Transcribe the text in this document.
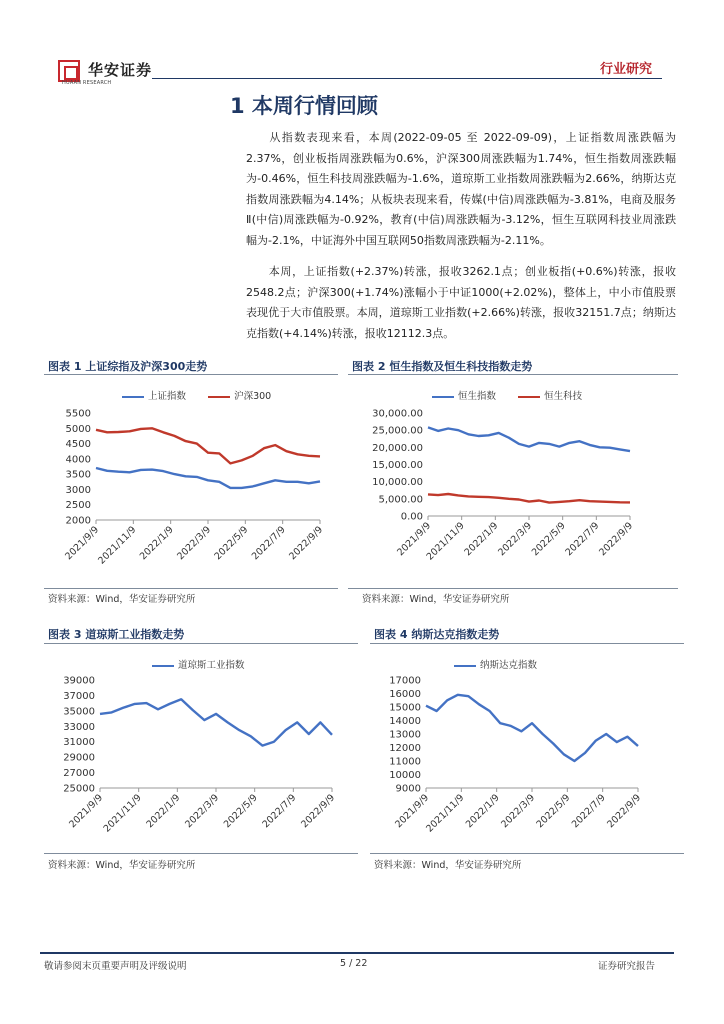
华安证券
HUAAN RESEARCH
行业研究
1 本周行情回顾
从指数表现来看，本周(2022-09-05 至 2022-09-09)，上证指数周涨跌幅为2.37%，创业板指周涨跌幅为0.6%，沪深300周涨跌幅为1.74%，恒生指数周涨跌幅为-0.46%，恒生科技周涨跌幅为-1.6%，道琼斯工业指数周涨跌幅为2.66%，纳斯达克指数周涨跌幅为4.14%；从板块表现来看，传媒(中信)周涨跌幅为-3.81%，电商及服务Ⅱ(中信)周涨跌幅为-0.92%，教育(中信)周涨跌幅为-3.12%，恒生互联网科技业周涨跌幅为-2.1%，中证海外中国互联网50指数周涨跌幅为-2.11%。
本周，上证指数(+2.37%)转涨，报收3262.1点；创业板指(+0.6%)转涨，报收2548.2点；沪深300(+1.74%)涨幅小于中证1000(+2.02%)，整体上，中小市值股票表现优于大市值股票。本周，道琼斯工业指数(+2.66%)转涨，报收32151.7点；纳斯达克指数(+4.14%)转涨，报收12112.3点。
图表 1 上证综指及沪深300走势
上证指数	沪深300
2000
2500
3000
3500
4000
4500
5000
5500
2021/9/9
2021/11/9 2022/1/9 2022/3/9 2022/5/9 2022/7/9 2022/9/9
资料来源：Wind，华安证券研究所
图表 2 恒生指数及恒生科技指数走势
恒生指数	恒生科技
0.00
5,000.00
10,000.00
15,000.00
20,000.00
25,000.00
30,000.00
2021/9/9
2021/11/9
2022/1/9
2022/3/9
2022/5/9
2022/7/9
2022/9/9
资料来源：Wind，华安证券研究所
图表 3 道琼斯工业指数走势
道琼斯工业指数
25000
27000
29000
31000
33000
35000
37000
39000
2021/9/9
2021/11/9 2022/1/9 2022/3/9 2022/5/9 2022/7/9 2022/9/9
资料来源：Wind，华安证券研究所
图表 4 纳斯达克指数走势
纳斯达克指数
9000
10000
11000
12000
13000
14000
15000
16000
17000
2021/9/9
2021/11/9
2022/1/9
2022/3/9
2022/5/9
2022/7/9
2022/9/9
资料来源：Wind，华安证券研究所
敬请参阅末页重要声明及评级说明	5 / 22	证券研究报告
